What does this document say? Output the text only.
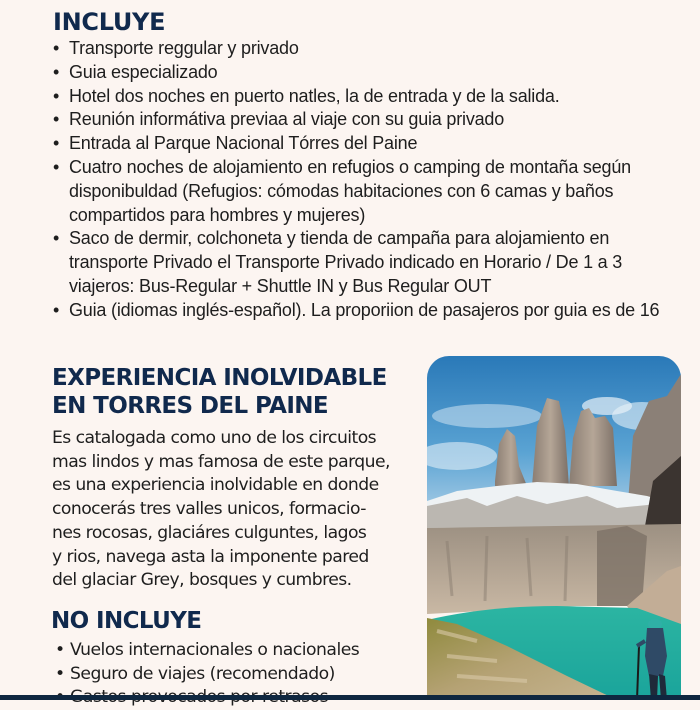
INCLUYE
• Transporte reggular y privado
• Guia especializado
• Hotel dos noches en puerto natles, la de entrada y de la salida.
• Reunión informátiva previaa al viaje con su guia privado
• Entrada al Parque Nacional Tórres del Paine
• Cuatro noches de alojamiento en refugios o camping de montaña según disponibuldad (Refugios: cómodas habitaciones con 6 camas y baños compartidos para hombres y mujeres)
• Saco de dermir, colchoneta y tienda de campaña para alojamiento en transporte Privado el Transporte Privado indicado en Horario / De 1 a 3 viajeros: Bus-Regular + Shuttle IN y Bus Regular OUT
• Guia (idiomas inglés-español). La proporiion de pasajeros por guia es de 16
EXPERIENCIA INOLVIDABLE
EN TORRES DEL PAINE

Es catalogada como uno de los circuitos
mas lindos y mas famosa de este parque,
es una experiencia inolvidable en donde
conocerás tres valles unicos, formacio-
nes rocosas, glaciáres culguntes, lagos
y rios, navega asta la imponente pared
del glaciar Grey, bosques y cumbres.

NO INCLUYE
• Vuelos internacionales o nacionales
• Seguro de viajes (recomendado)
